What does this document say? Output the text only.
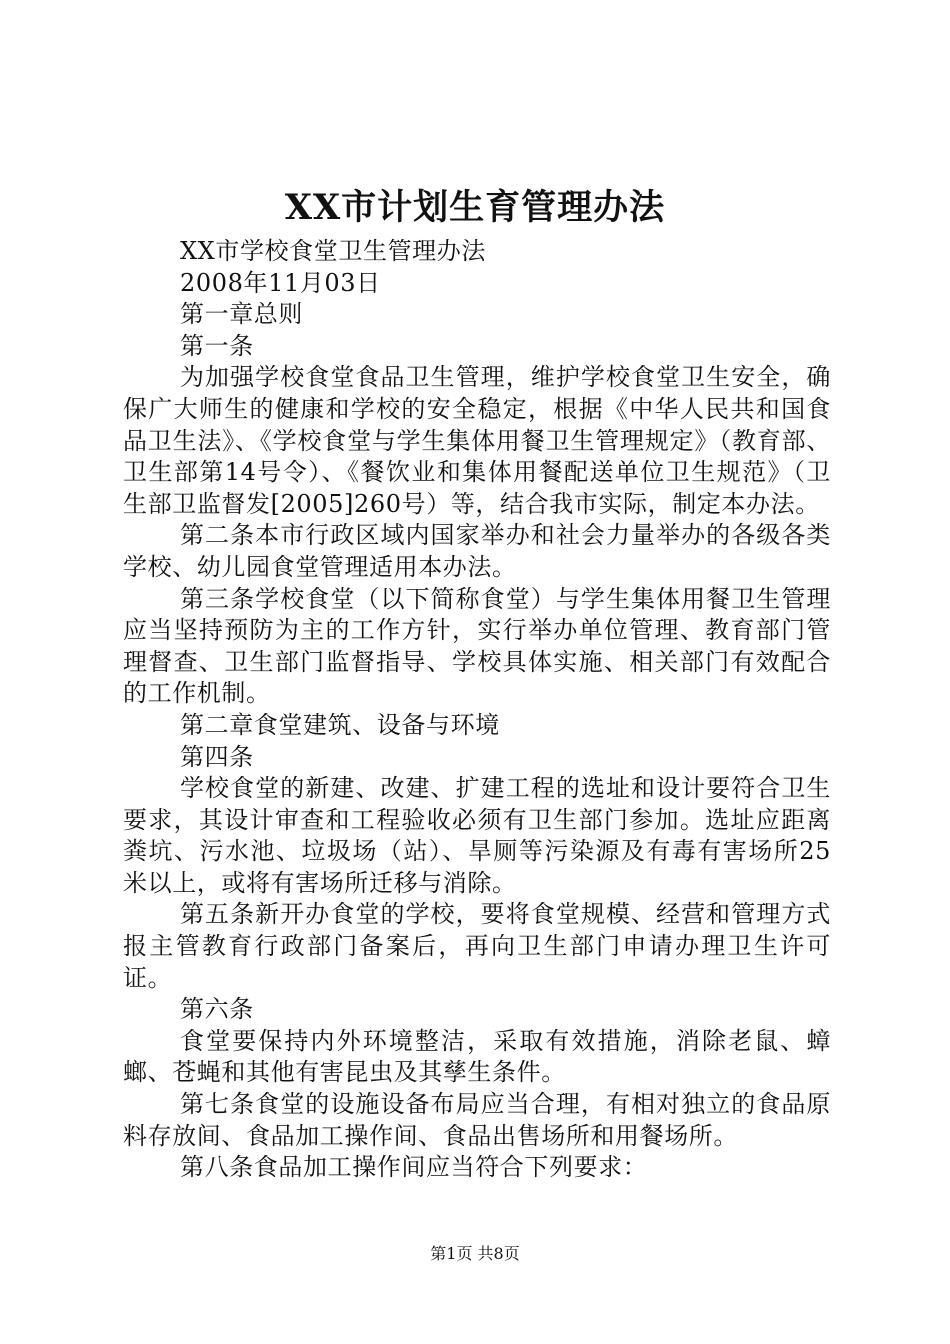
XX市计划生育管理办法

XX市学校食堂卫生管理办法

2008年11月03日

第一章总则

第一条

为加强学校食堂食品卫生管理，维护学校食堂卫生安全，确保广大师生的健康和学校的安全稳定，根据《中华人民共和国食品卫生法》、《学校食堂与学生集体用餐卫生管理规定》（教育部、卫生部第14号令）、《餐饮业和集体用餐配送单位卫生规范》（卫生部卫监督发[2005]260号）等，结合我市实际，制定本办法。

第二条本市行政区域内国家举办和社会力量举办的各级各类学校、幼儿园食堂管理适用本办法。

第三条学校食堂（以下简称食堂）与学生集体用餐卫生管理应当坚持预防为主的工作方针，实行举办单位管理、教育部门管理督查、卫生部门监督指导、学校具体实施、相关部门有效配合的工作机制。

第二章食堂建筑、设备与环境

第四条

学校食堂的新建、改建、扩建工程的选址和设计要符合卫生要求，其设计审查和工程验收必须有卫生部门参加。选址应距离粪坑、污水池、垃圾场（站）、旱厕等污染源及有毒有害场所25米以上，或将有害场所迁移与消除。

第五条新开办食堂的学校，要将食堂规模、经营和管理方式报主管教育行政部门备案后，再向卫生部门申请办理卫生许可证。

第六条

食堂要保持内外环境整洁，采取有效措施，消除老鼠、蟑螂、苍蝇和其他有害昆虫及其孳生条件。

第七条食堂的设施设备布局应当合理，有相对独立的食品原料存放间、食品加工操作间、食品出售场所和用餐场所。

第八条食品加工操作间应当符合下列要求：

第1页 共8页
